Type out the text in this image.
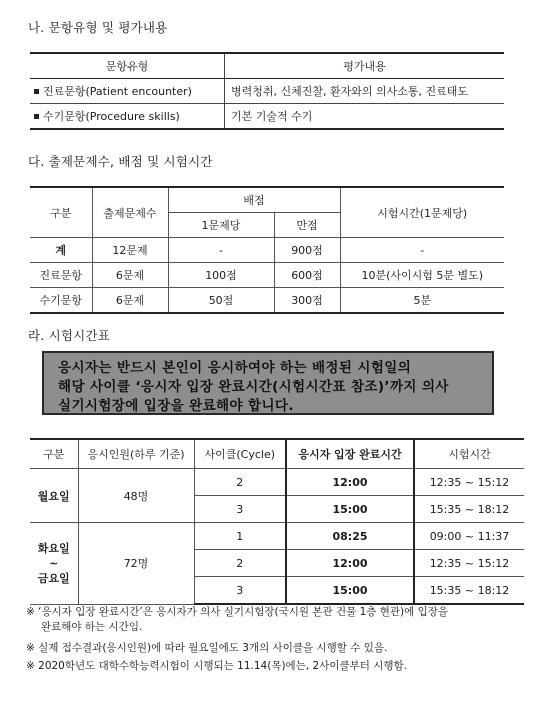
나. 문항유형 및 평가내용
문항유형	평가내용
진료문항(Patient encounter)	병력청취, 신체진찰, 환자와의 의사소통, 진료태도
수기문항(Procedure skills)	기본 기술적 수기
다. 출제문제수, 배점 및 시험시간
구분	출제문제수	배점		시험시간(1문제당)
		1문제당	만점	
계	12문제	-	900점	-
진료문항	6문제	100점	600점	10분(사이시험 5분 별도)
수기문항	6문제	50점	300점	5분
라. 시험시간표
응시자는 반드시 본인이 응시하여야 하는 배정된 시험일의
해당 사이클 ‘응시자 입장 완료시간(시험시간표 참조)’까지 의사
실기시험장에 입장을 완료해야 합니다.
구분	응시인원(하루 기준)	사이클(Cycle)	응시자 입장 완료시간	시험시간
월요일	48명	2	12:00	12:35 ~ 15:12
		3	15:00	15:35 ~ 18:12
화요일
~
금요일	72명	1	08:25	09:00 ~ 11:37
		2	12:00	12:35 ~ 15:12
		3	15:00	15:35 ~ 18:12
※ ‘응시자 입장 완료시간’은 응시자가 의사 실기시험장(국시원 본관 건물 1층 현관)에 입장을
완료해야 하는 시간임.
※ 실제 접수결과(응시인원)에 따라 월요일에도 3개의 사이클을 시행할 수 있음.
※ 2020학년도 대학수학능력시험이 시행되는 11.14(목)에는, 2사이클부터 시행함.
